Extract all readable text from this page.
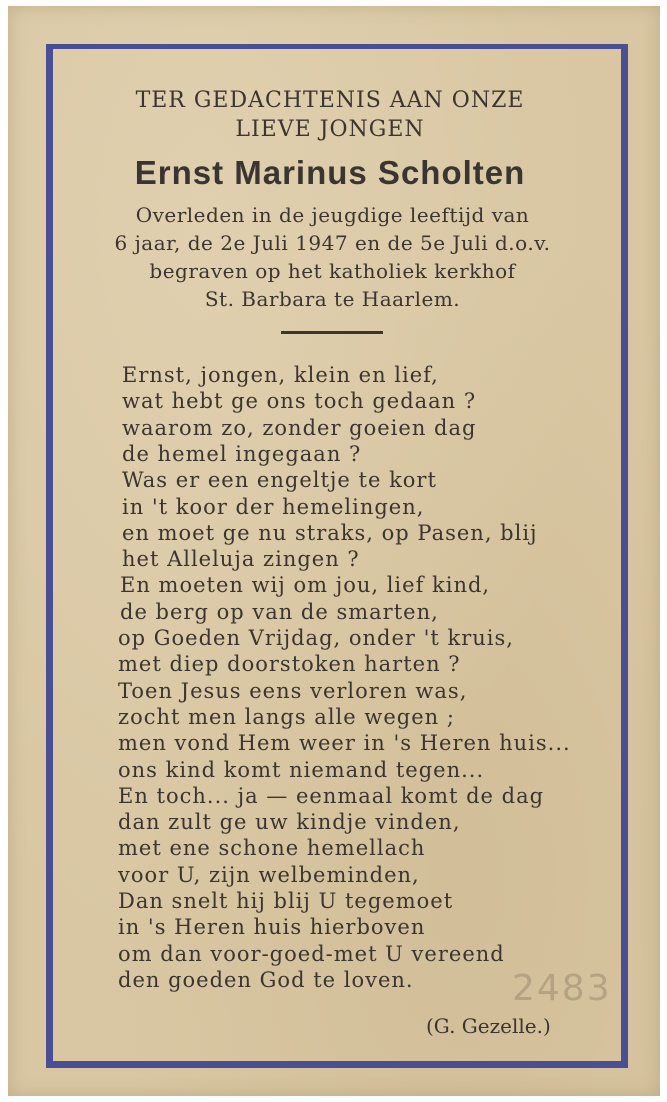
TER GEDACHTENIS AAN ONZE
LIEVE JONGEN
Ernst Marinus Scholten
Overleden in de jeugdige leeftijd van
6 jaar, de 2e Juli 1947 en de 5e Juli d.o.v.
begraven op het katholiek kerkhof
St. Barbara te Haarlem.
Ernst, jongen, klein en lief,
wat hebt ge ons toch gedaan ?
waarom zo, zonder goeien dag
de hemel ingegaan ?
Was er een engeltje te kort
in 't koor der hemelingen,
en moet ge nu straks, op Pasen, blij
het Alleluja zingen ?
En moeten wij om jou, lief kind,
de berg op van de smarten,
op Goeden Vrijdag, onder 't kruis,
met diep doorstoken harten ?
Toen Jesus eens verloren was,
zocht men langs alle wegen ;
men vond Hem weer in 's Heren huis...
ons kind komt niemand tegen...
En toch... ja — eenmaal komt de dag
dan zult ge uw kindje vinden,
met ene schone hemellach
voor U, zijn welbeminden,
Dan snelt hij blij U tegemoet
in 's Heren huis hierboven
om dan voor-goed-met U vereend
den goeden God te loven.
(G. Gezelle.)
2483
